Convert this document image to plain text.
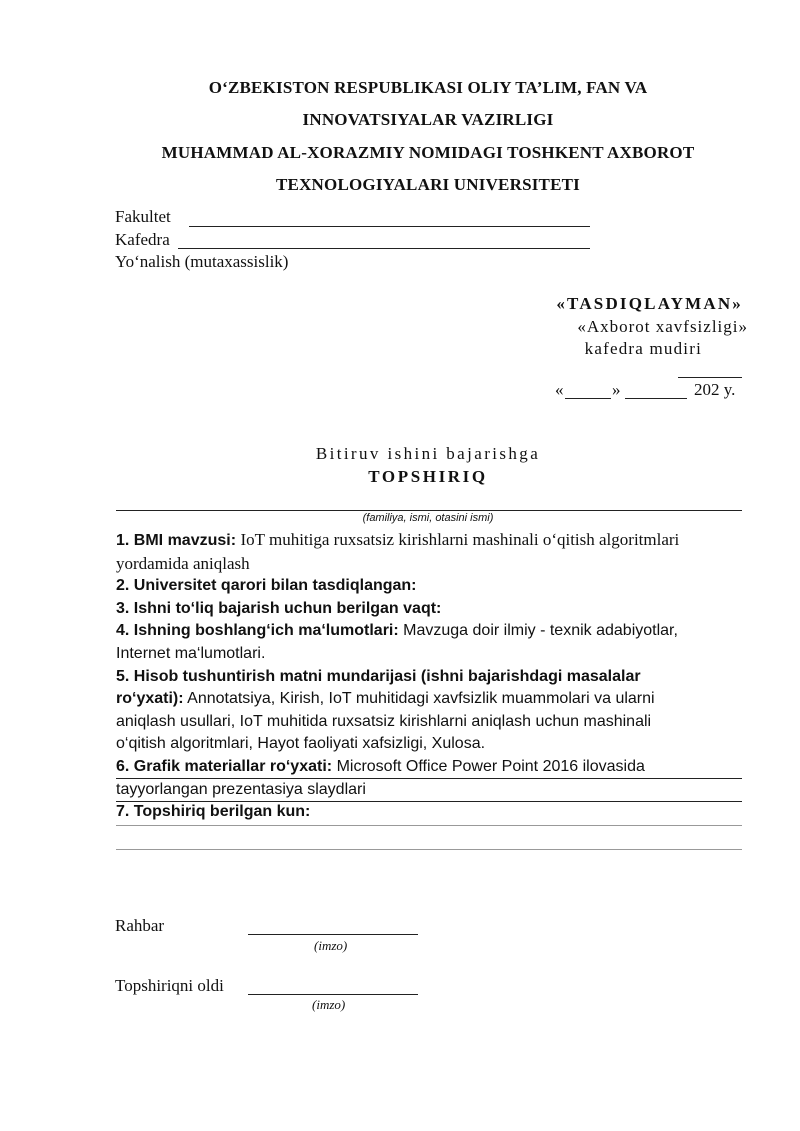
O‘ZBEKISTON RESPUBLIKASI OLIY TA’LIM, FAN VA
INNOVATSIYALAR VAZIRLIGI
MUHAMMAD AL-XORAZMIY NOMIDAGI TOSHKENT AXBOROT
TEXNOLOGIYALARI UNIVERSITETI
Fakultet
Kafedra
Yo‘nalish (mutaxassislik)
«TASDIQLAYMAN»
«Axborot xavfsizligi»
kafedra mudiri
«	»	202 y.
Bitiruv ishini bajarishga
TOPSHIRIQ
(familiya, ismi, otasini ismi)
1. BMI mavzusi: IoT muhitiga ruxsatsiz kirishlarni mashinali o‘qitish algoritmlari
yordamida aniqlash
2. Universitet qarori bilan tasdiqlangan:
3. Ishni to‘liq bajarish uchun berilgan vaqt:
4. Ishning boshlang‘ich ma‘lumotlari: Mavzuga doir ilmiy - texnik adabiyotlar,
Internet ma‘lumotlari.
5. Hisob tushuntirish matni mundarijasi (ishni bajarishdagi masalalar
ro‘yxati): Annotatsiya, Kirish, IoT muhitidagi xavfsizlik muammolari va ularni
aniqlash usullari, IoT muhitida ruxsatsiz kirishlarni aniqlash uchun mashinali
o‘qitish algoritmlari, Hayot faoliyati xafsizligi, Xulosa.
6. Grafik materiallar ro‘yxati: Microsoft Office Power Point 2016 ilovasida
tayyorlangan prezentasiya slaydlari
7. Topshiriq berilgan kun:
Rahbar
(imzo)
Topshiriqni oldi
(imzo)
